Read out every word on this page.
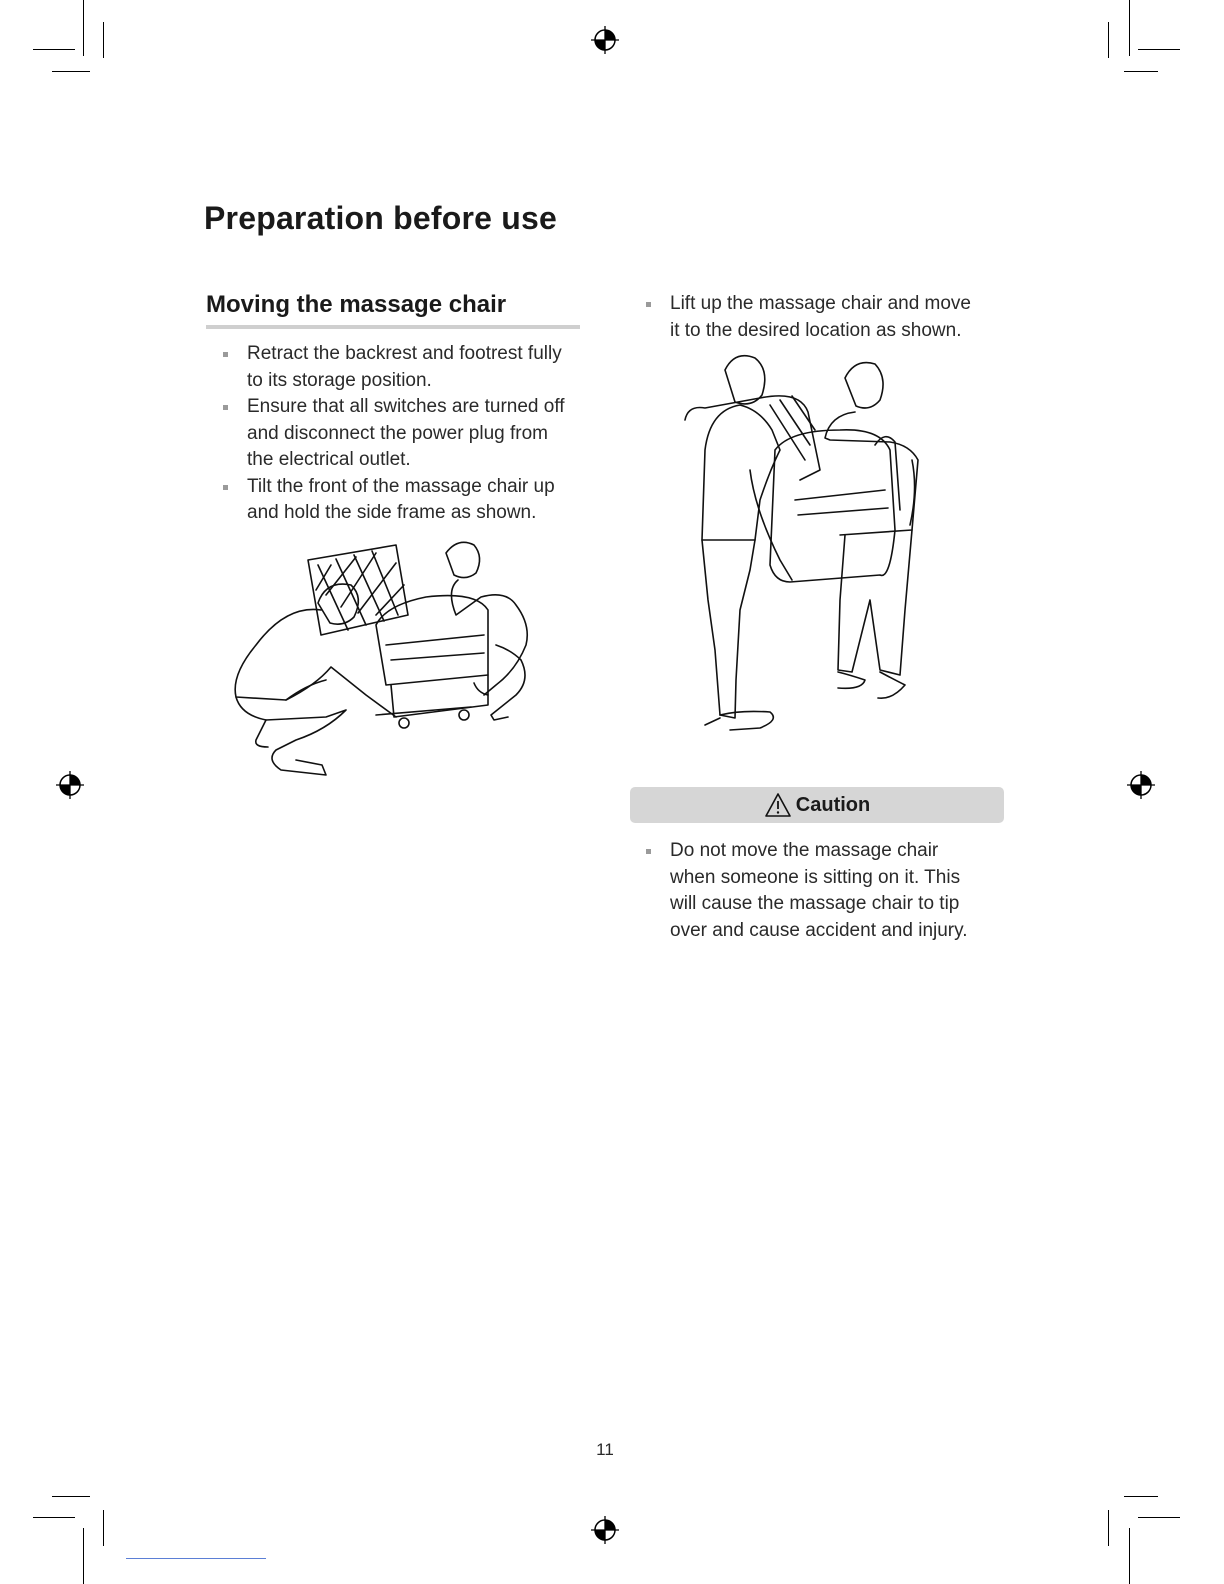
Preparation before use
Moving the massage chair
Retract the backrest and footrest fully
to its storage position.
Ensure that all switches are turned off
and disconnect the power plug from
the electrical outlet.
Tilt the front of the massage chair up
and hold the side frame as shown.
Lift up the massage chair and move
it to the desired location as shown.
Caution
Do not move the massage chair
when someone is sitting on it. This
will cause the massage chair to tip
over and cause accident and injury.
11
